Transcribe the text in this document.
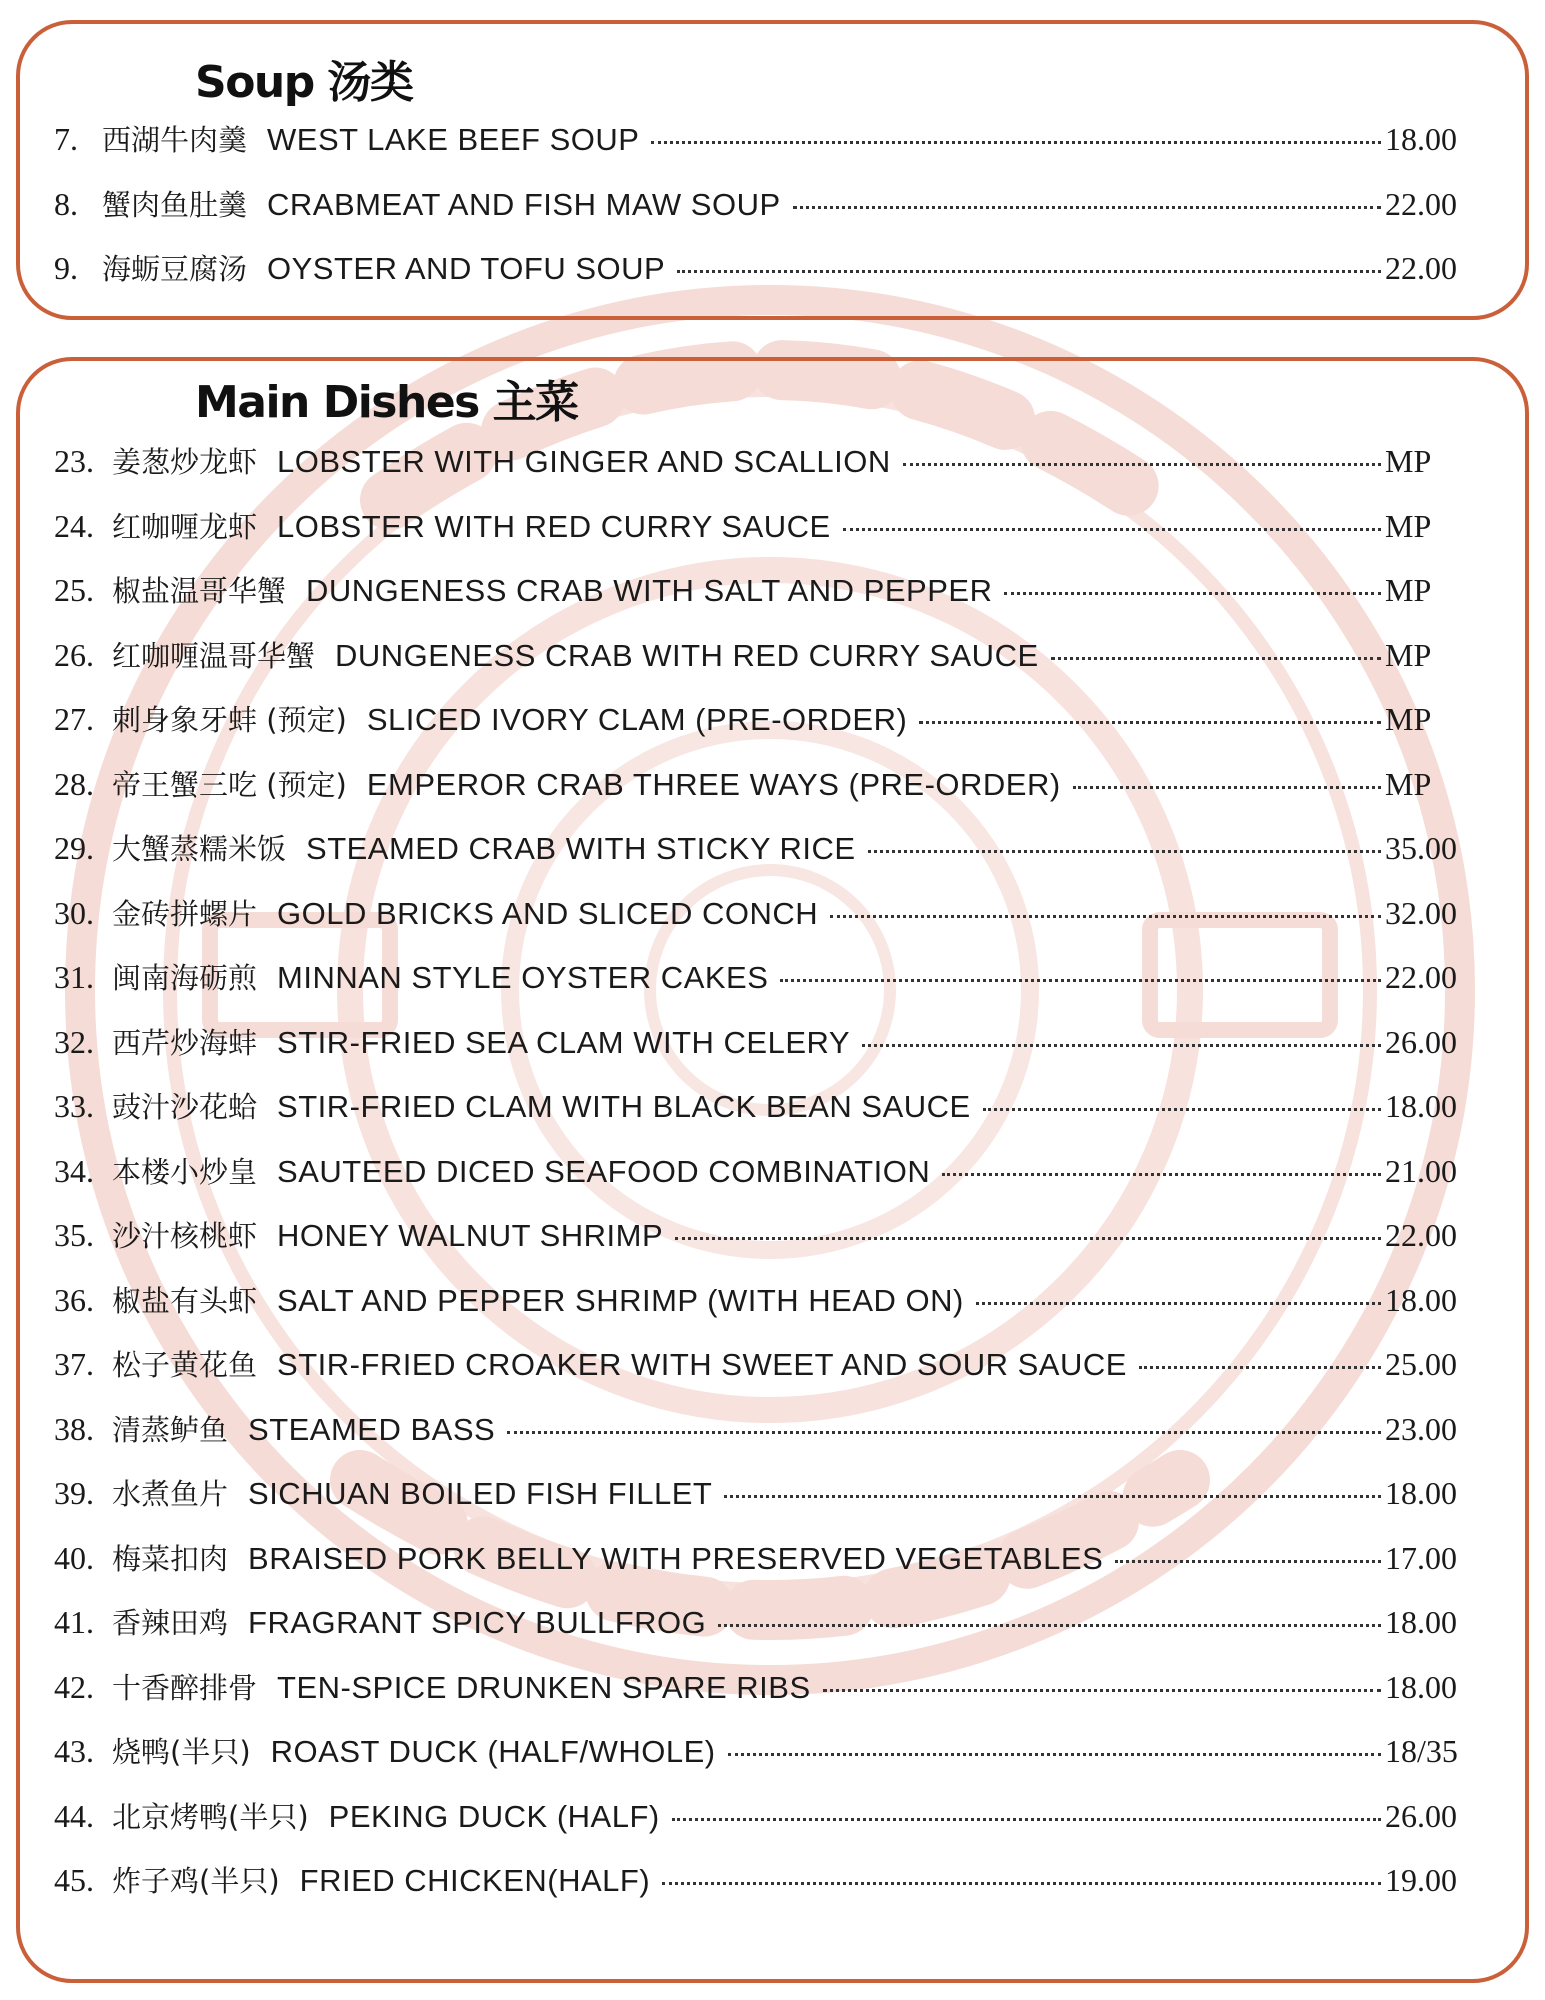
Soup 汤类
7. 西湖牛肉羹 WEST LAKE BEEF SOUP	18.00
8. 蟹肉鱼肚羹 CRABMEAT AND FISH MAW SOUP	22.00
9. 海蛎豆腐汤 OYSTER AND TOFU SOUP	22.00
Main Dishes 主菜
23. 姜葱炒龙虾 LOBSTER WITH GINGER AND SCALLION	MP
24. 红咖喱龙虾 LOBSTER WITH RED CURRY SAUCE	MP
25. 椒盐温哥华蟹 DUNGENESS CRAB WITH SALT AND PEPPER	MP
26. 红咖喱温哥华蟹 DUNGENESS CRAB WITH RED CURRY SAUCE	MP
27. 刺身象牙蚌 (预定) SLICED IVORY CLAM (PRE-ORDER)	MP
28. 帝王蟹三吃 (预定) EMPEROR CRAB THREE WAYS (PRE-ORDER)	MP
29. 大蟹蒸糯米饭 STEAMED CRAB WITH STICKY RICE	35.00
30. 金砖拼螺片 GOLD BRICKS AND SLICED CONCH	32.00
31. 闽南海砺煎 MINNAN STYLE OYSTER CAKES	22.00
32. 西芹炒海蚌 STIR-FRIED SEA CLAM WITH CELERY	26.00
33. 豉汁沙花蛤 STIR-FRIED CLAM WITH BLACK BEAN SAUCE	18.00
34. 本楼小炒皇 SAUTEED DICED SEAFOOD COMBINATION	21.00
35. 沙汁核桃虾 HONEY WALNUT SHRIMP	22.00
36. 椒盐有头虾 SALT AND PEPPER SHRIMP (WITH HEAD ON)	18.00
37. 松子黄花鱼 STIR-FRIED CROAKER WITH SWEET AND SOUR SAUCE	25.00
38. 清蒸鲈鱼 STEAMED BASS	23.00
39. 水煮鱼片 SICHUAN BOILED FISH FILLET	18.00
40. 梅菜扣肉 BRAISED PORK BELLY WITH PRESERVED VEGETABLES	17.00
41. 香辣田鸡 FRAGRANT SPICY BULLFROG	18.00
42. 十香醉排骨 TEN-SPICE DRUNKEN SPARE RIBS	18.00
43. 烧鸭(半只) ROAST DUCK (HALF/WHOLE)	18/35
44. 北京烤鸭(半只) PEKING DUCK (HALF)	26.00
45. 炸子鸡(半只) FRIED CHICKEN(HALF)	19.00
